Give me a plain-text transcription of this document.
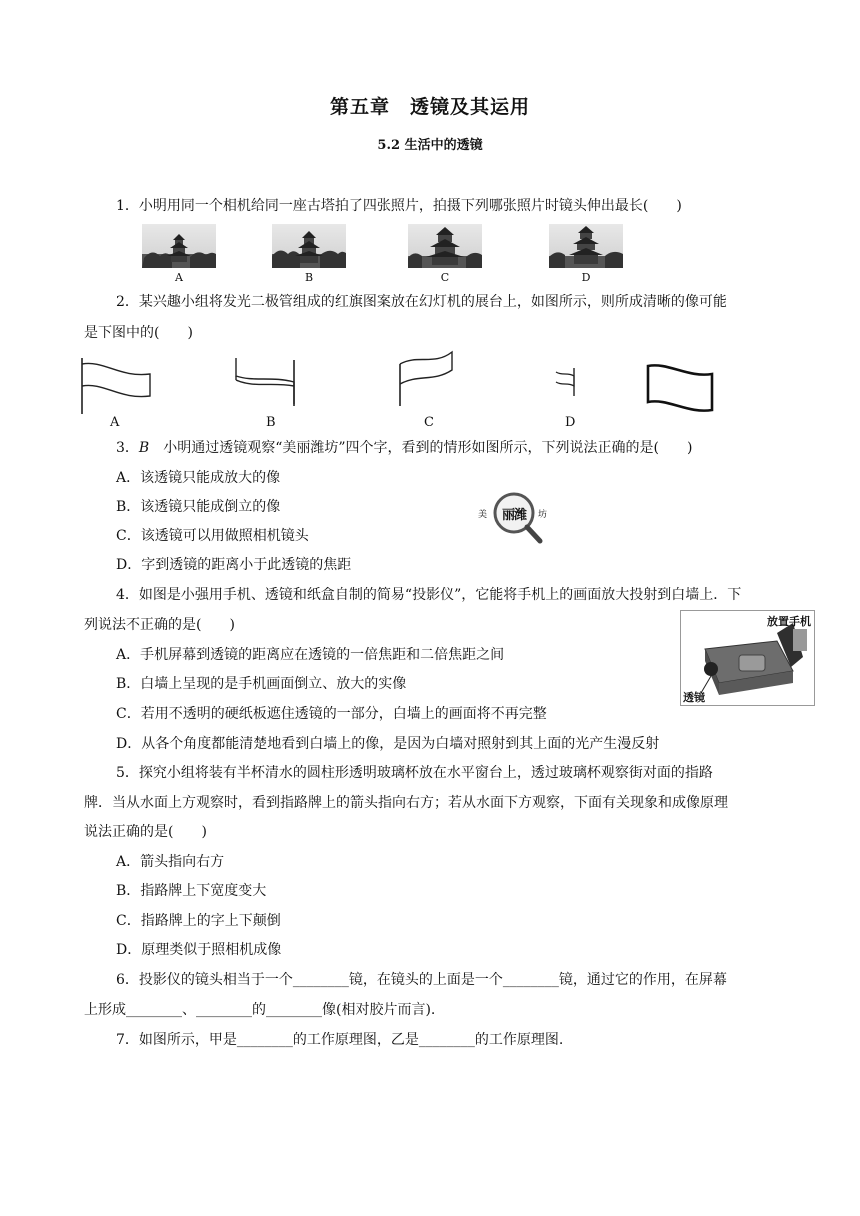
第五章　透镜及其运用
5.2 生活中的透镜
1．小明用同一个相机给同一座古塔拍了四张照片，拍摄下列哪张照片时镜头伸出最长(　　)
A	B	C	D
2．某兴趣小组将发光二极管组成的红旗图案放在幻灯机的展台上，如图所示，则所成清晰的像可能
是下图中的(　　)
A	B	C	D
3．B　小明通过透镜观察“美丽潍坊”四个字，看到的情形如图所示，下列说法正确的是(　　)
A．该透镜只能成放大的像
B．该透镜只能成倒立的像
C．该透镜可以用做照相机镜头
D．字到透镜的距离小于此透镜的焦距
美 丽潍 坊
4．如图是小强用手机、透镜和纸盒自制的简易“投影仪”，它能将手机上的画面放大投射到白墙上．下
列说法不正确的是(　　)
A．手机屏幕到透镜的距离应在透镜的一倍焦距和二倍焦距之间
B．白墙上呈现的是手机画面倒立、放大的实像
C．若用不透明的硬纸板遮住透镜的一部分，白墙上的画面将不再完整
D．从各个角度都能清楚地看到白墙上的像，是因为白墙对照射到其上面的光产生漫反射
放置手机
透镜
5．探究小组将装有半杯清水的圆柱形透明玻璃杯放在水平窗台上，透过玻璃杯观察街对面的指路
牌．当从水面上方观察时，看到指路牌上的箭头指向右方；若从水面下方观察，下面有关现象和成像原理
说法正确的是(　　)
A．箭头指向右方
B．指路牌上下宽度变大
C．指路牌上的字上下颠倒
D．原理类似于照相机成像
6．投影仪的镜头相当于一个________镜，在镜头的上面是一个________镜，通过它的作用，在屏幕
上形成________、________的________像(相对胶片而言).
7．如图所示，甲是________的工作原理图，乙是________的工作原理图.
